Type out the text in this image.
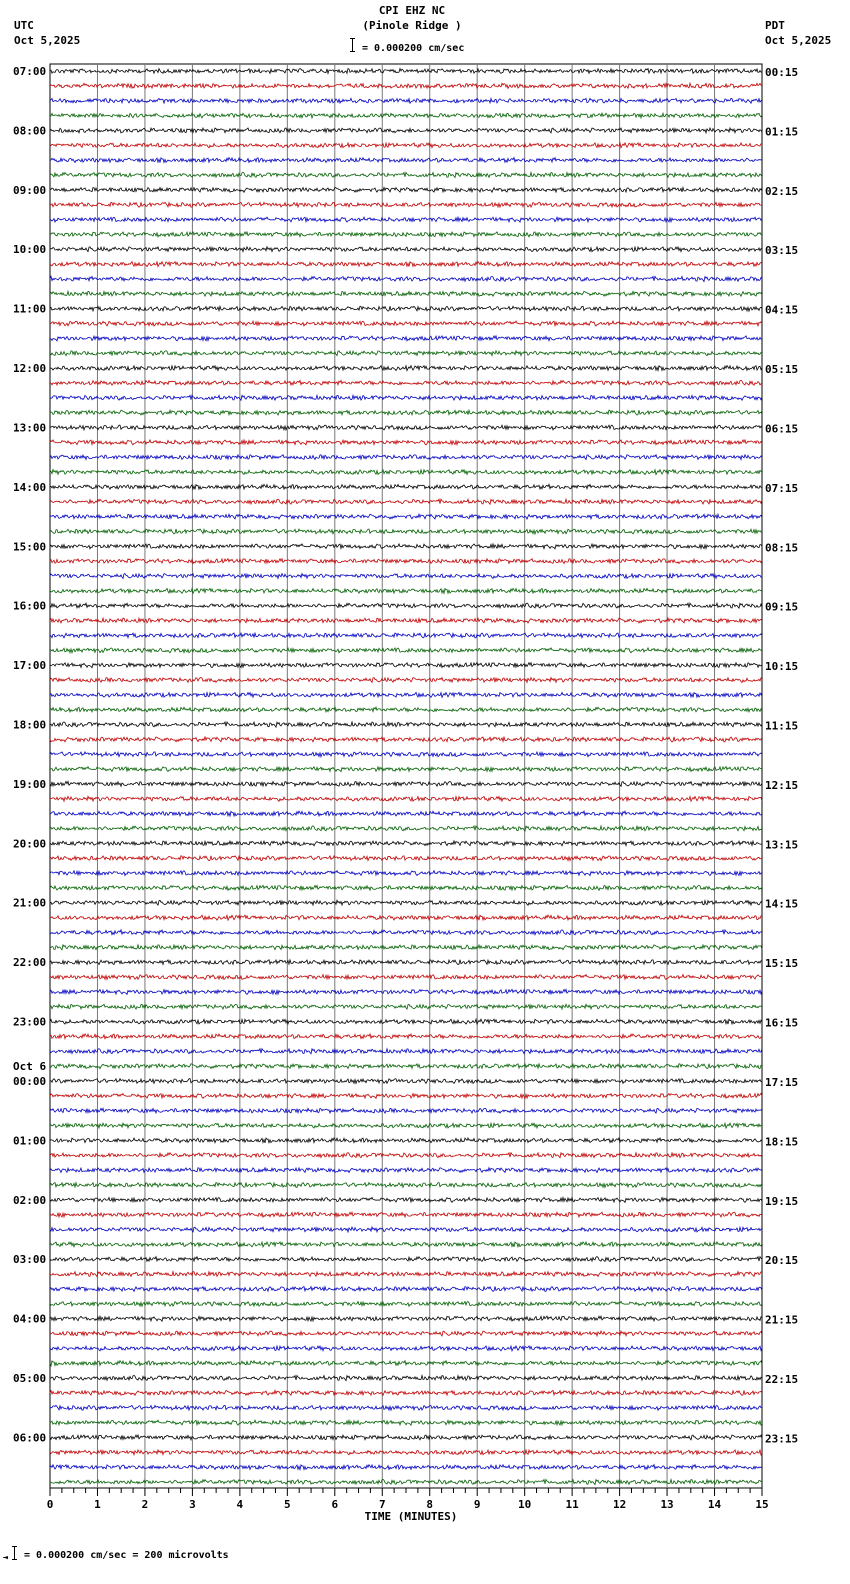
CPI EHZ NC
(Pinole Ridge )
UTC
Oct 5,2025
PDT
Oct 5,2025
= 0.000200 cm/sec
07:00
08:00
09:00
10:00
11:00
12:00
13:00
14:00
15:00
16:00
17:00
18:00
19:00
20:00
21:00
22:00
23:00
00:00
01:00
02:00
03:00
04:00
05:00
06:00
Oct 6
00:15
01:15
02:15
03:15
04:15
05:15
06:15
07:15
08:15
09:15
10:15
11:15
12:15
13:15
14:15
15:15
16:15
17:15
18:15
19:15
20:15
21:15
22:15
23:15
0	1	2	3	4	5	6	7	8	9	10	11	12	13	14	15
TIME (MINUTES)
⇥ = 0.000200 cm/sec = 200 microvolts
